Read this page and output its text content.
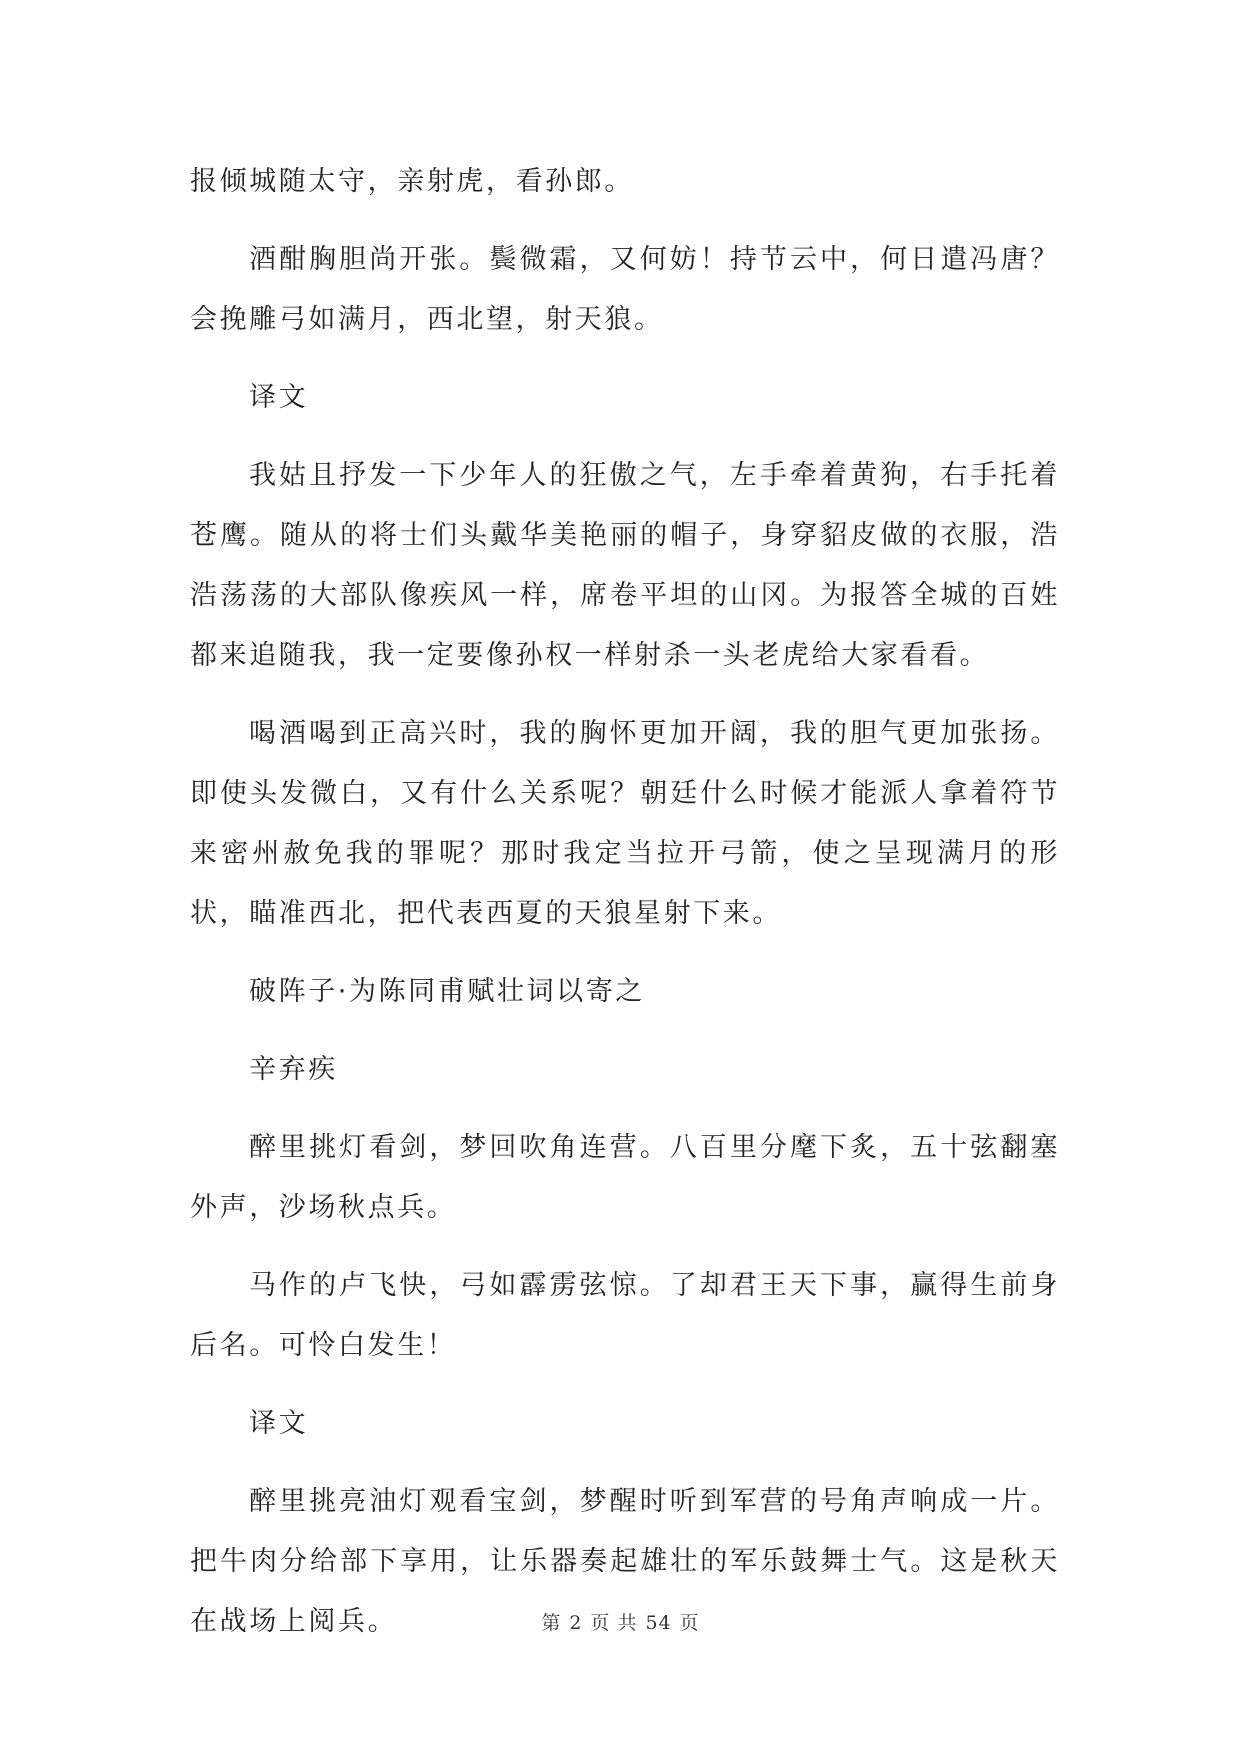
报倾城随太守，亲射虎，看孙郎。

酒酣胸胆尚开张。鬓微霜，又何妨！持节云中，何日遣冯唐？会挽雕弓如满月，西北望，射天狼。

译文

我姑且抒发一下少年人的狂傲之气，左手牵着黄狗，右手托着苍鹰。随从的将士们头戴华美艳丽的帽子，身穿貂皮做的衣服，浩浩荡荡的大部队像疾风一样，席卷平坦的山冈。为报答全城的百姓都来追随我，我一定要像孙权一样射杀一头老虎给大家看看。

喝酒喝到正高兴时，我的胸怀更加开阔，我的胆气更加张扬。即使头发微白，又有什么关系呢？朝廷什么时候才能派人拿着符节来密州赦免我的罪呢？那时我定当拉开弓箭，使之呈现满月的形状，瞄准西北，把代表西夏的天狼星射下来。

破阵子·为陈同甫赋壮词以寄之

辛弃疾

醉里挑灯看剑，梦回吹角连营。八百里分麾下炙，五十弦翻塞外声，沙场秋点兵。

马作的卢飞快，弓如霹雳弦惊。了却君王天下事，赢得生前身后名。可怜白发生！

译文

醉里挑亮油灯观看宝剑，梦醒时听到军营的号角声响成一片。把牛肉分给部下享用，让乐器奏起雄壮的军乐鼓舞士气。这是秋天在战场上阅兵。	第 2 页 共 54 页
